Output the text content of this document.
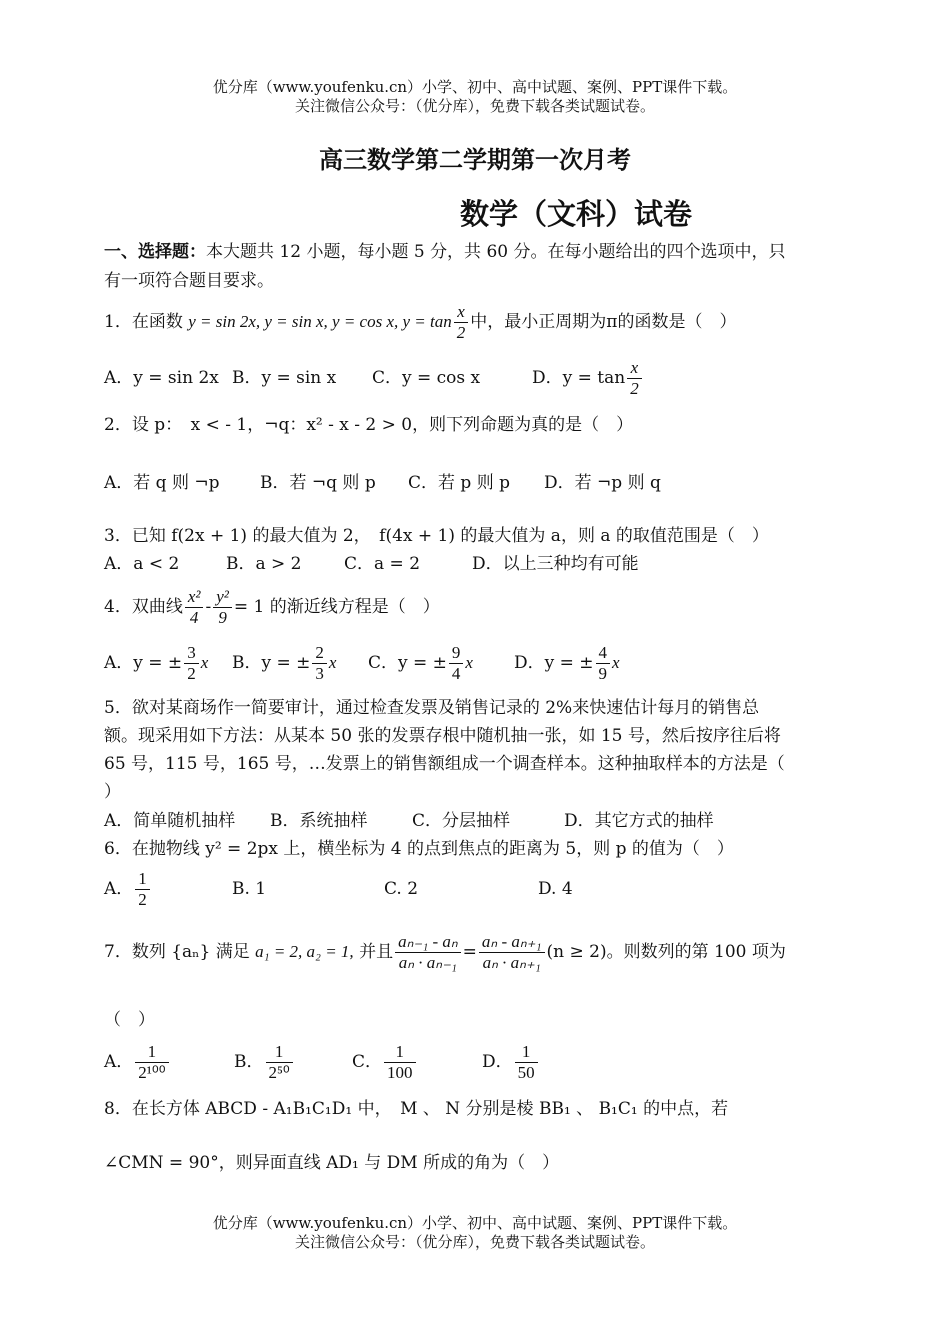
优分库（www.youfenku.cn）小学、初中、高中试题、案例、PPT课件下载。
关注微信公众号：（优分库），免费下载各类试题试卷。
高三数学第二学期第一次月考
数学（文科）试卷
一、选择题：本大题共 12 小题，每小题 5 分，共 60 分。在每小题给出的四个选项中，只
有一项符合题目要求。
1．在函数 y = sin 2x, y = sin x, y = cos x, $y = \tan \frac{x}{2}$ 中，最小正周期为π的函数是（　）
A．y = sin 2x B．y = sin x C．y = cos x	D．$y = \tan \frac{x}{2}$
2．设 p：　x < - 1，¬q：x² - x - 2 > 0，则下列命题为真的是（　）
A．若 q 则 ¬p B．若 ¬q 则 p C．若 p 则 p D．若 ¬p 则 q
3．已知 f(2x + 1) 的最大值为 2，　f(4x + 1) 的最大值为 a，则 a 的取值范围是（　）
A．a < 2	B．a > 2	C．a = 2	D．以上三种均有可能
4．双曲线 $\frac{\text{x²}}{4} - \frac{\text{y²}}{9} = 1$ 的渐近线方程是（　）
A．y = ± $\frac{3}{2}$ x B．y = ± $\frac{2}{3}$ x C．y = ± $\frac{9}{4}$ x D．y = ± $\frac{4}{9}$ x
5．欲对某商场作一简要审计，通过检查发票及销售记录的 2%来快速估计每月的销售总
额。现采用如下方法：从某本 50 张的发票存根中随机抽一张，如 15 号，然后按序往后将
65 号，115 号，165 号，…发票上的销售额组成一个调查样本。这种抽取样本的方法是（
）
A．简单随机抽样 B．系统抽样	C．分层抽样	D．其它方式的抽样
6．在抛物线 y² = 2px 上，横坐标为 4 的点到焦点的距离为 5，则 p 的值为（　）
A． $\frac{1}{2}$	B. 1	C. 2	D. 4
7．数列 {aₙ} 满足 a₁ = 2, a₂ = 1, 并且 $\frac{\text{aₙ₋₁ - aₙ}}{\text{aₙ · aₙ₋₁}} = \frac{\text{aₙ - aₙ₊₁}}{\text{aₙ · aₙ₊₁}} (n \ge 2)$。则数列的第 100 项为
（　）
A． $\frac{1}{\text{2¹⁰⁰}}$	B． $\frac{1}{\text{2⁵⁰}}$	C． $\frac{1}{100}$	D． $\frac{1}{50}$
8．在长方体 ABCD - A₁B₁C₁D₁ 中，　M 、 N 分别是棱 BB₁ 、 B₁C₁ 的中点，若
∠CMN = 90°，则异面直线 AD₁ 与 DM 所成的角为（　）
优分库（www.youfenku.cn）小学、初中、高中试题、案例、PPT课件下载。
关注微信公众号：（优分库），免费下载各类试题试卷。
